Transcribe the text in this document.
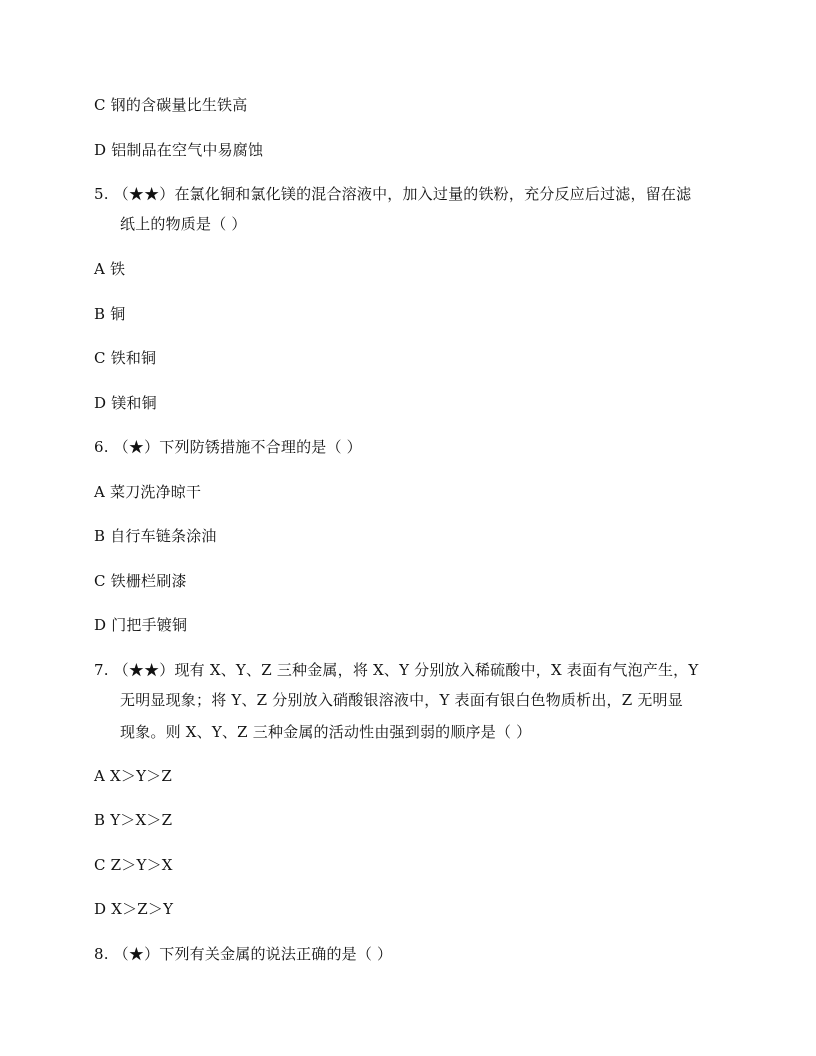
C 钢的含碳量比生铁高
D 铝制品在空气中易腐蚀
5. （★★）在氯化铜和氯化镁的混合溶液中，加入过量的铁粉，充分反应后过滤，留在滤
纸上的物质是（ ）
A 铁
B 铜
C 铁和铜
D 镁和铜
6. （★）下列防锈措施不合理的是（ ）
A 菜刀洗净晾干
B 自行车链条涂油
C 铁栅栏刷漆
D 门把手镀铜
7. （★★）现有 X、Y、Z 三种金属，将 X、Y 分别放入稀硫酸中，X 表面有气泡产生，Y
无明显现象；将 Y、Z 分别放入硝酸银溶液中，Y 表面有银白色物质析出，Z 无明显
现象。则 X、Y、Z 三种金属的活动性由强到弱的顺序是（ ）
A X＞Y＞Z
B Y＞X＞Z
C Z＞Y＞X
D X＞Z＞Y
8. （★）下列有关金属的说法正确的是（ ）
